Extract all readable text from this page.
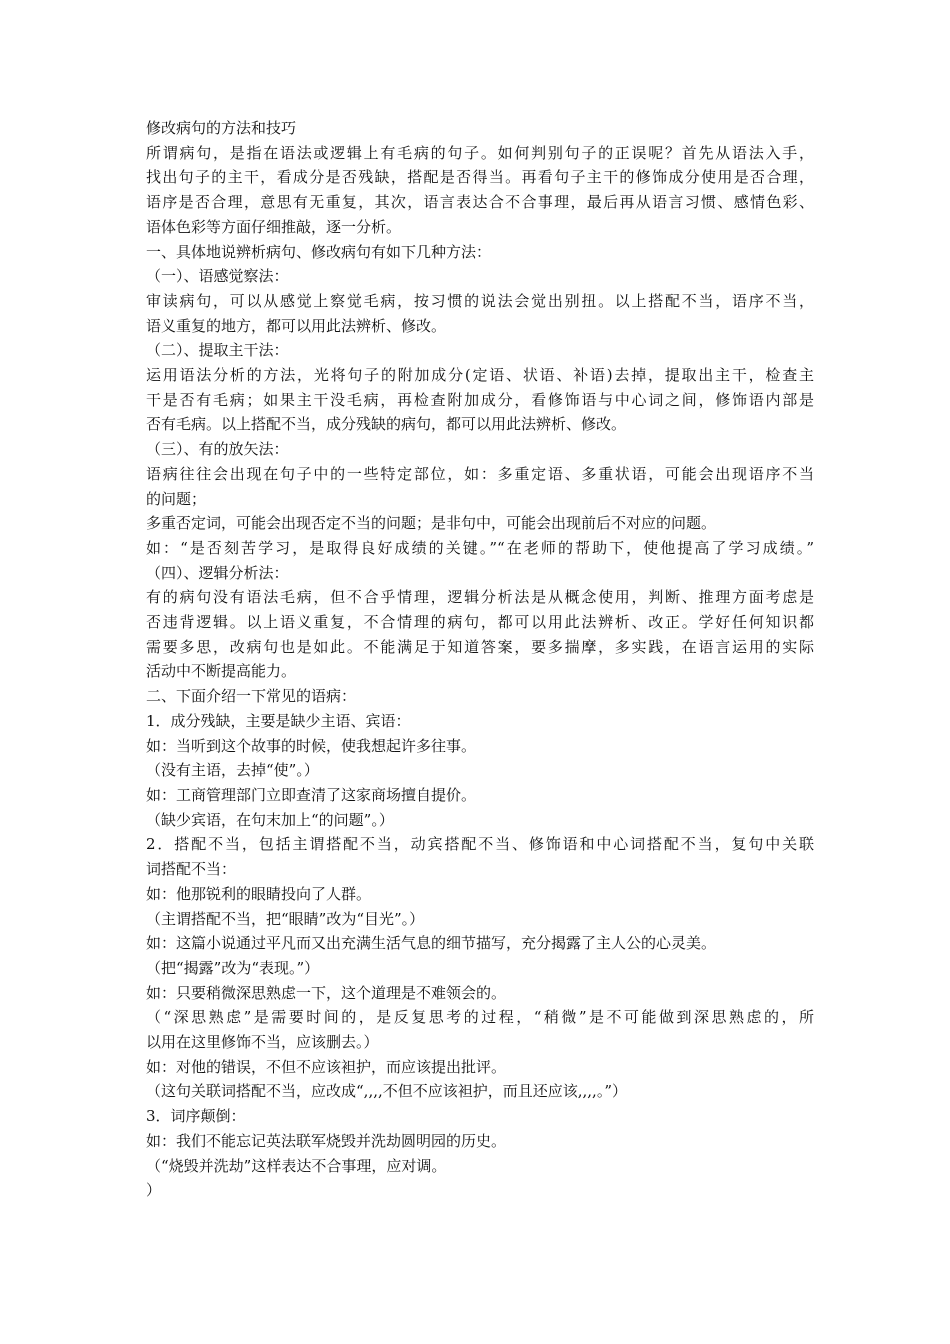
修改病句的方法和技巧

所谓病句，是指在语法或逻辑上有毛病的句子。如何判别句子的正误呢？首先从语法入手，

找出句子的主干，看成分是否残缺，搭配是否得当。再看句子主干的修饰成分使用是否合理，

语序是否合理，意思有无重复，其次，语言表达合不合事理，最后再从语言习惯、感情色彩、

语体色彩等方面仔细推敲，逐一分析。

一、具体地说辨析病句、修改病句有如下几种方法：

（一）、语感觉察法：

审读病句，可以从感觉上察觉毛病，按习惯的说法会觉出别扭。以上搭配不当，语序不当，

语义重复的地方，都可以用此法辨析、修改。

（二）、提取主干法：

运用语法分析的方法，光将句子的附加成分(定语、状语、补语)去掉，提取出主干，检查主

干是否有毛病；如果主干没毛病，再检查附加成分，看修饰语与中心词之间，修饰语内部是

否有毛病。以上搭配不当，成分残缺的病句，都可以用此法辨析、修改。

（三）、有的放矢法：

语病往往会出现在句子中的一些特定部位，如：多重定语、多重状语，可能会出现语序不当

的问题；

多重否定词，可能会出现否定不当的问题；是非句中，可能会出现前后不对应的问题。

如：“是否刻苦学习，是取得良好成绩的关键。”“在老师的帮助下，使他提高了学习成绩。”

（四）、逻辑分析法：

有的病句没有语法毛病，但不合乎情理，逻辑分析法是从概念使用，判断、推理方面考虑是

否违背逻辑。以上语义重复，不合情理的病句，都可以用此法辨析、改正。学好任何知识都

需要多思，改病句也是如此。不能满足于知道答案，要多揣摩，多实践，在语言运用的实际

活动中不断提高能力。

二、下面介绍一下常见的语病：

1．成分残缺，主要是缺少主语、宾语：

如：当听到这个故事的时候，使我想起许多往事。

（没有主语，去掉“使”。）

如：工商管理部门立即查清了这家商场擅自提价。

（缺少宾语，在句末加上“的问题”。）

2．搭配不当，包括主谓搭配不当，动宾搭配不当、修饰语和中心词搭配不当，复句中关联

词搭配不当：

如：他那锐利的眼睛投向了人群。

（主谓搭配不当，把“眼睛”改为“目光”。）

如：这篇小说通过平凡而又出充满生活气息的细节描写，充分揭露了主人公的心灵美。

（把“揭露”改为“表现。”）

如：只要稍微深思熟虑一下，这个道理是不难领会的。

（“深思熟虑”是需要时间的，是反复思考的过程，“稍微”是不可能做到深思熟虑的，所

以用在这里修饰不当，应该删去。）

如：对他的错误，不但不应该袒护，而应该提出批评。

（这句关联词搭配不当，应改成“,,,,不但不应该袒护，而且还应该,,,,。”）

3．词序颠倒：

如：我们不能忘记英法联军烧毁并洗劫圆明园的历史。

（“烧毁并洗劫”这样表达不合事理，应对调。

）
